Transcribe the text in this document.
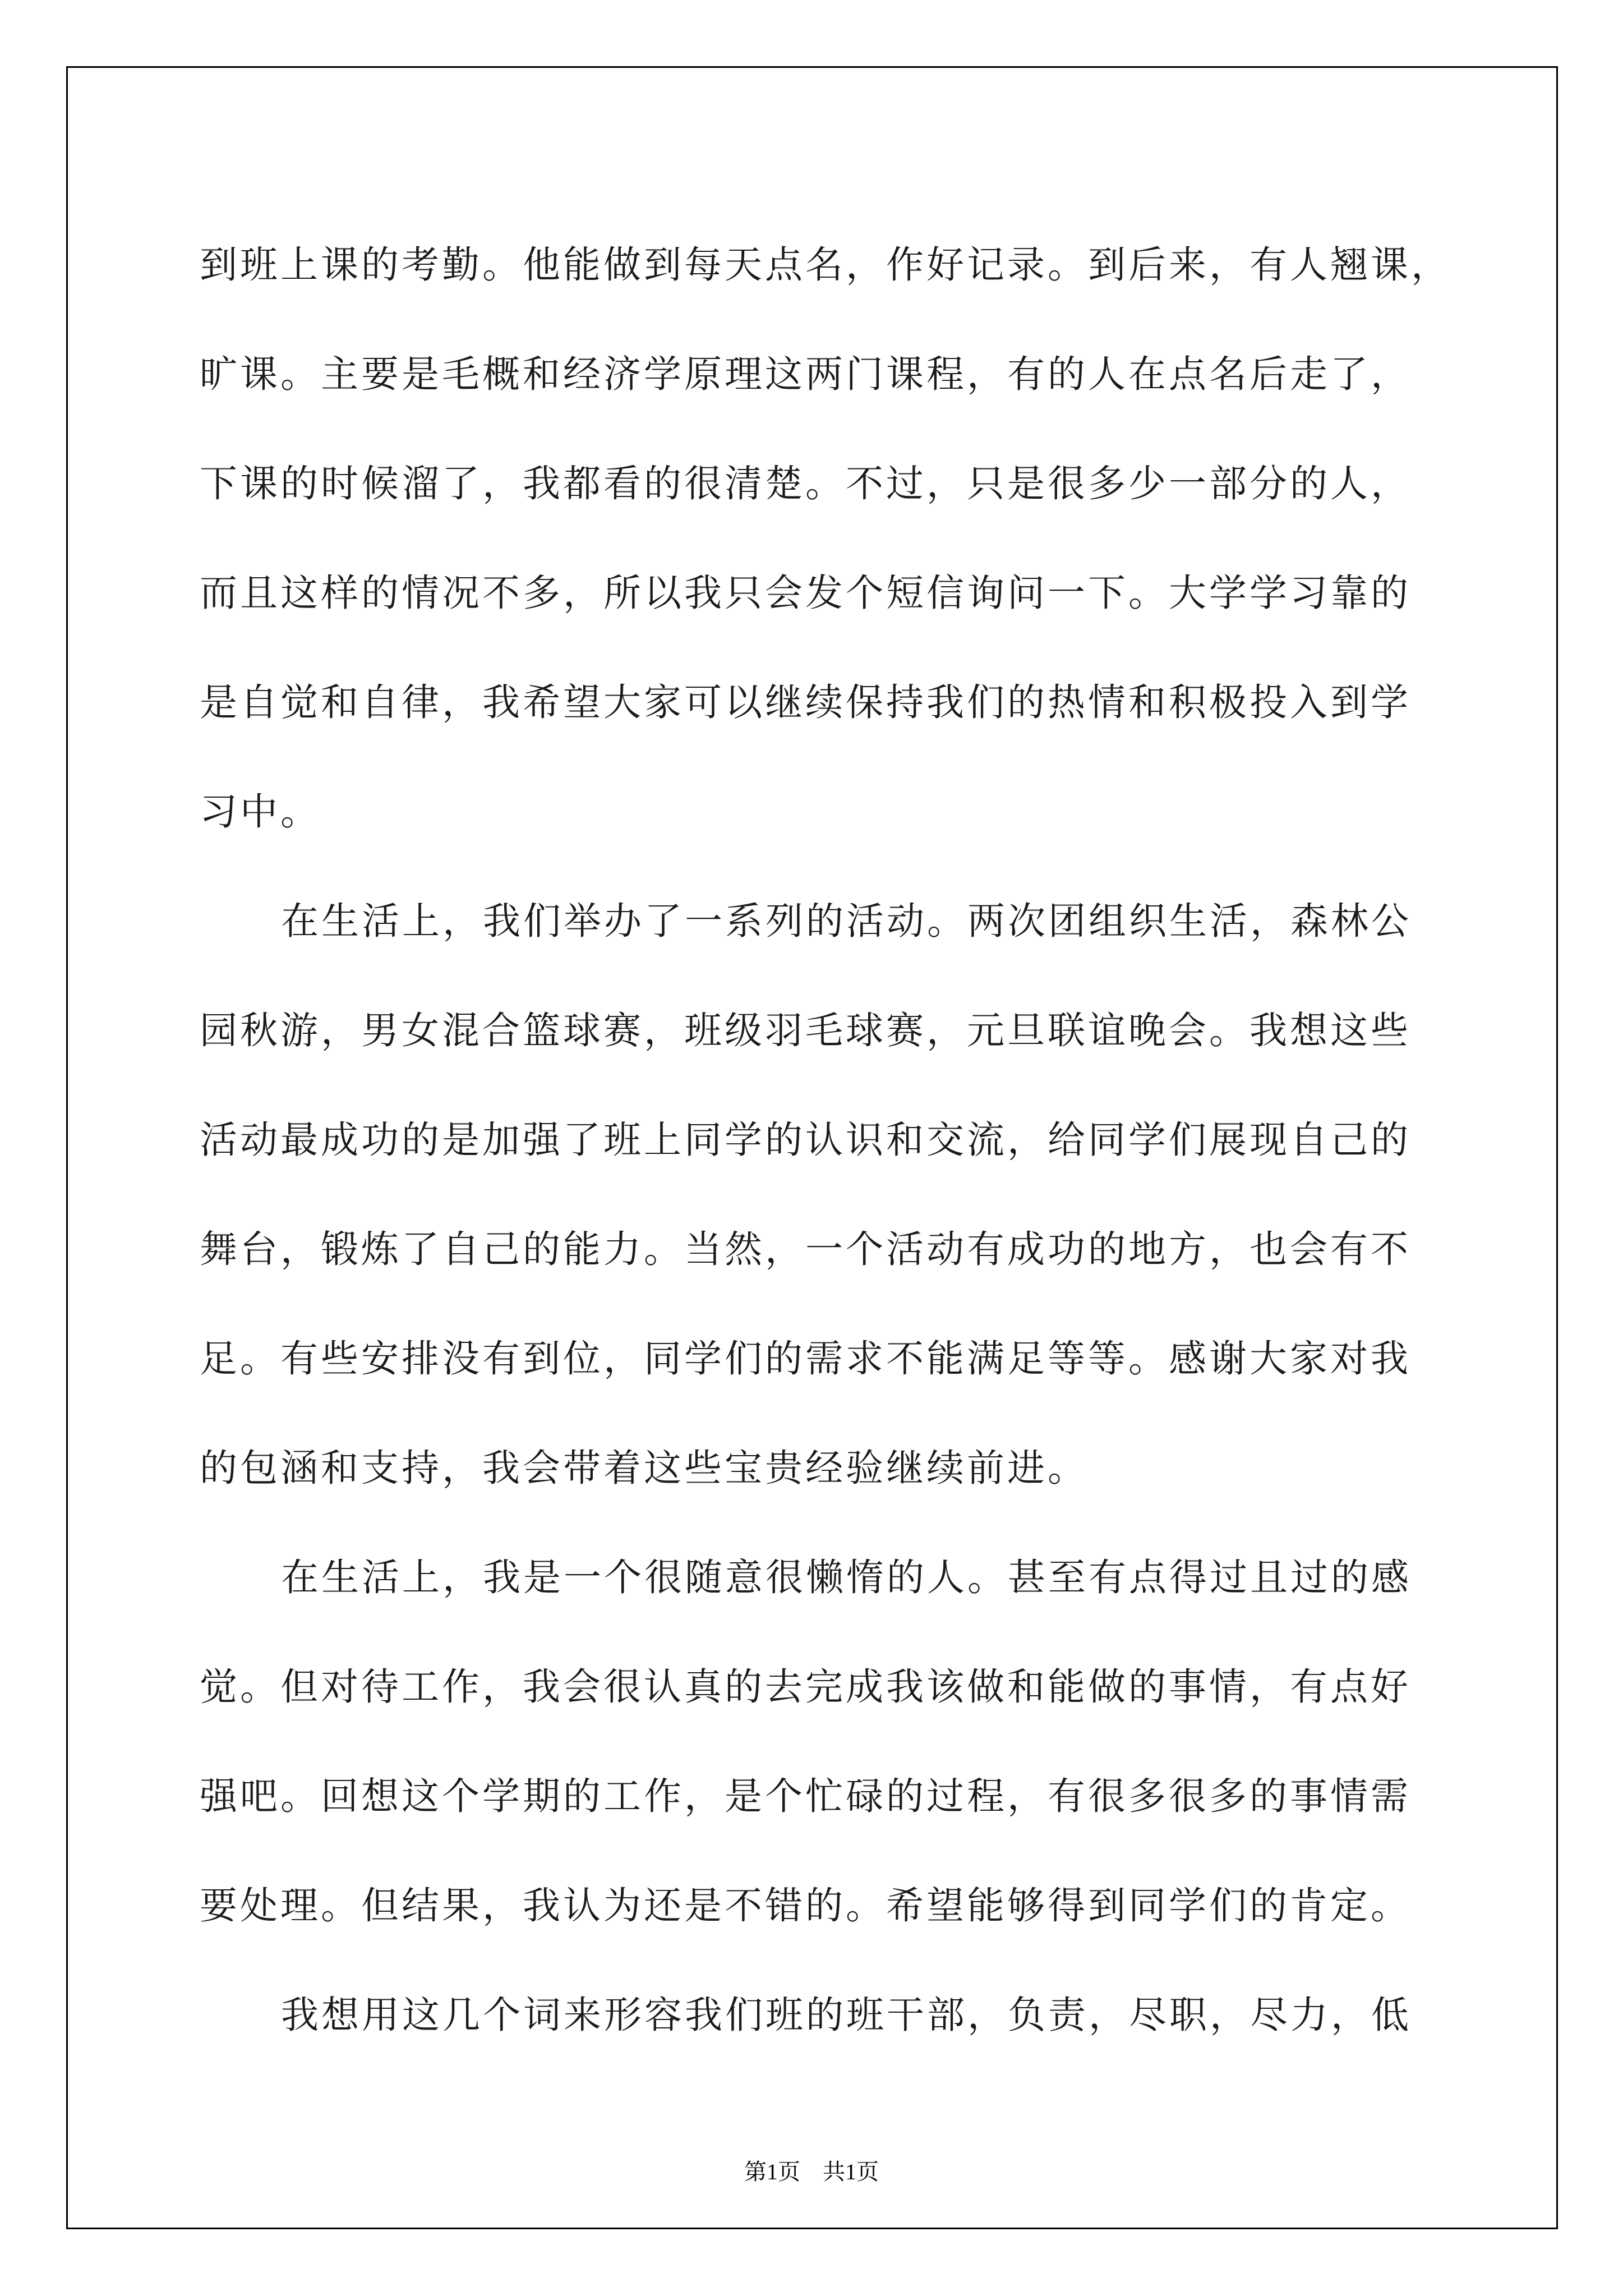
到班上课的考勤。他能做到每天点名，作好记录。到后来，有人翘课，
旷课。主要是毛概和经济学原理这两门课程，有的人在点名后走了，
下课的时候溜了，我都看的很清楚。不过，只是很多少一部分的人，
而且这样的情况不多，所以我只会发个短信询问一下。大学学习靠的
是自觉和自律，我希望大家可以继续保持我们的热情和积极投入到学
习中。
在生活上，我们举办了一系列的活动。两次团组织生活，森林公
园秋游，男女混合篮球赛，班级羽毛球赛，元旦联谊晚会。我想这些
活动最成功的是加强了班上同学的认识和交流，给同学们展现自己的
舞台，锻炼了自己的能力。当然，一个活动有成功的地方，也会有不
足。有些安排没有到位，同学们的需求不能满足等等。感谢大家对我
的包涵和支持，我会带着这些宝贵经验继续前进。
在生活上，我是一个很随意很懒惰的人。甚至有点得过且过的感
觉。但对待工作，我会很认真的去完成我该做和能做的事情，有点好
强吧。回想这个学期的工作，是个忙碌的过程，有很多很多的事情需
要处理。但结果，我认为还是不错的。希望能够得到同学们的肯定。
我想用这几个词来形容我们班的班干部，负责，尽职，尽力，低
第1页 共1页
